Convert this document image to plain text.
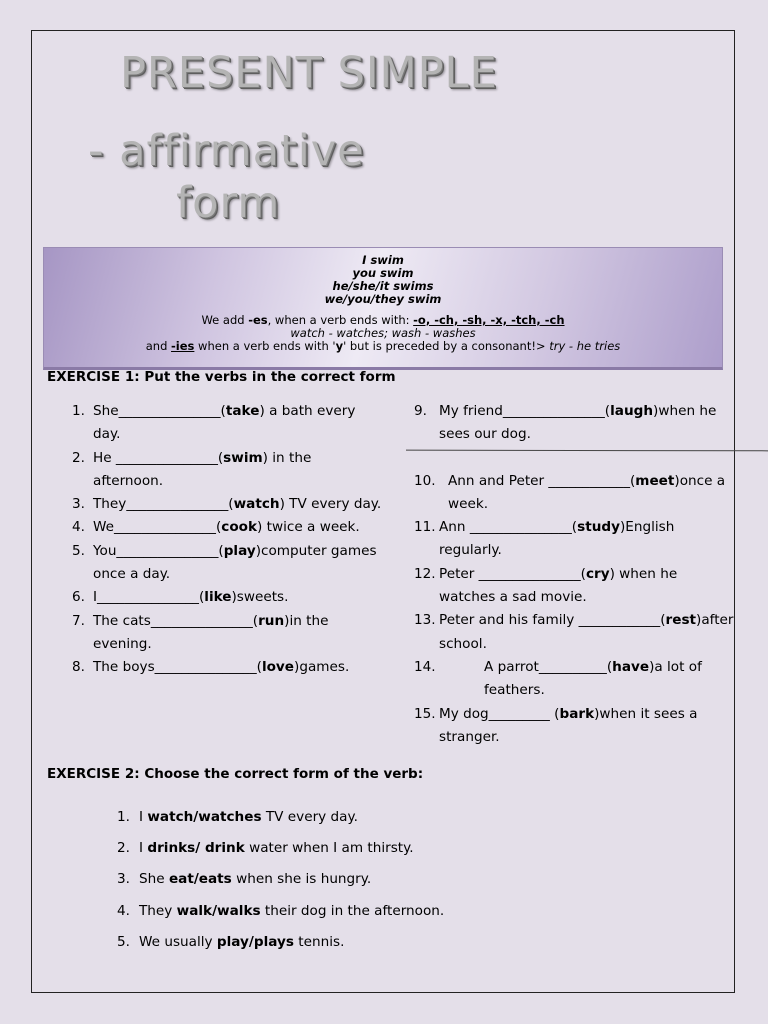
PRESENT SIMPLE
- affirmative
form
I swim
you swim
he/she/it swims
we/you/they swim
We add -es, when a verb ends with: -o, -ch, -sh, -x, -tch, -ch
watch - watches; wash - washes
and -ies when a verb ends with 'y' but is preceded by a consonant!> try - he tries
EXERCISE 1: Put the verbs in the correct form
1. She_______________(take) a bath every day.
2. He _______________(swim) in the afternoon.
3. They_______________(watch) TV every day.
4. We_______________(cook) twice a week.
5. You_______________(play)computer games once a day.
6. I_______________(like)sweets.
7. The cats_______________(run)in the evening.
8. The boys_______________(love)games.
9. My friend_______________(laugh)when he sees our dog.
10. Ann and Peter ____________(meet)once a week.
11. Ann _______________(study)English regularly.
12. Peter _______________(cry) when he watches a sad movie.
13. Peter and his family ____________(rest)after school.
14.	A parrot__________(have)a lot of feathers.
15. My dog_________ (bark)when it sees a stranger.
EXERCISE 2: Choose the correct form of the verb:
1. I watch/watches TV every day.
2. I drinks/ drink water when I am thirsty.
3. She eat/eats when she is hungry.
4. They walk/walks their dog in the afternoon.
5. We usually play/plays tennis.
